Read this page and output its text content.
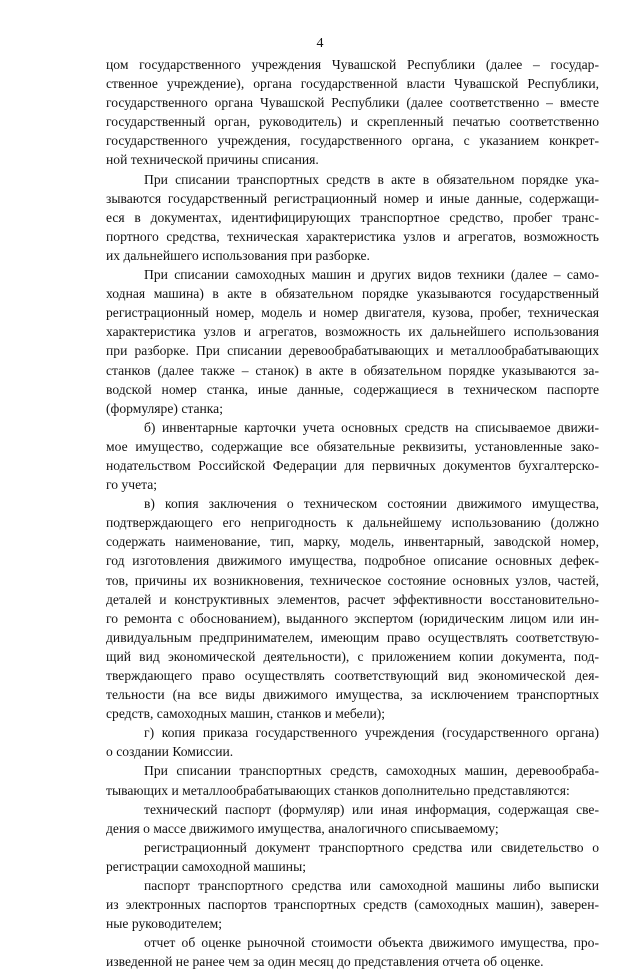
4
цом государственного учреждения Чувашской Республики (далее – государ-
ственное учреждение), органа государственной власти Чувашской Республики,
государственного органа Чувашской Республики (далее соответственно – вместе
государственный орган, руководитель) и скрепленный печатью соответственно
государственного учреждения, государственного органа, с указанием конкрет-
ной технической причины списания.
При списании транспортных средств в акте в обязательном порядке ука-
зываются государственный регистрационный номер и иные данные, содержащи-
еся в документах, идентифицирующих транспортное средство, пробег транс-
портного средства, техническая характеристика узлов и агрегатов, возможность
их дальнейшего использования при разборке.
При списании самоходных машин и других видов техники (далее – само-
ходная машина) в акте в обязательном порядке указываются государственный
регистрационный номер, модель и номер двигателя, кузова, пробег, техническая
характеристика узлов и агрегатов, возможность их дальнейшего использования
при разборке. При списании деревообрабатывающих и металлообрабатывающих
станков (далее также – станок) в акте в обязательном порядке указываются за-
водской номер станка, иные данные, содержащиеся в техническом паспорте
(формуляре) станка;
б) инвентарные карточки учета основных средств на списываемое движи-
мое имущество, содержащие все обязательные реквизиты, установленные зако-
нодательством Российской Федерации для первичных документов бухгалтерско-
го учета;
в) копия заключения о техническом состоянии движимого имущества,
подтверждающего его непригодность к дальнейшему использованию (должно
содержать наименование, тип, марку, модель, инвентарный, заводской номер,
год изготовления движимого имущества, подробное описание основных дефек-
тов, причины их возникновения, техническое состояние основных узлов, частей,
деталей и конструктивных элементов, расчет эффективности восстановительно-
го ремонта с обоснованием), выданного экспертом (юридическим лицом или ин-
дивидуальным предпринимателем, имеющим право осуществлять соответствую-
щий вид экономической деятельности), с приложением копии документа, под-
тверждающего право осуществлять соответствующий вид экономической дея-
тельности (на все виды движимого имущества, за исключением транспортных
средств, самоходных машин, станков и мебели);
г) копия приказа государственного учреждения (государственного органа)
о создании Комиссии.
При списании транспортных средств, самоходных машин, деревообраба-
тывающих и металлообрабатывающих станков дополнительно представляются:
технический паспорт (формуляр) или иная информация, содержащая све-
дения о массе движимого имущества, аналогичного списываемому;
регистрационный документ транспортного средства или свидетельство о
регистрации самоходной машины;
паспорт транспортного средства или самоходной машины либо выписки
из электронных паспортов транспортных средств (самоходных машин), заверен-
ные руководителем;
отчет об оценке рыночной стоимости объекта движимого имущества, про-
изведенной не ранее чем за один месяц до представления отчета об оценке.
